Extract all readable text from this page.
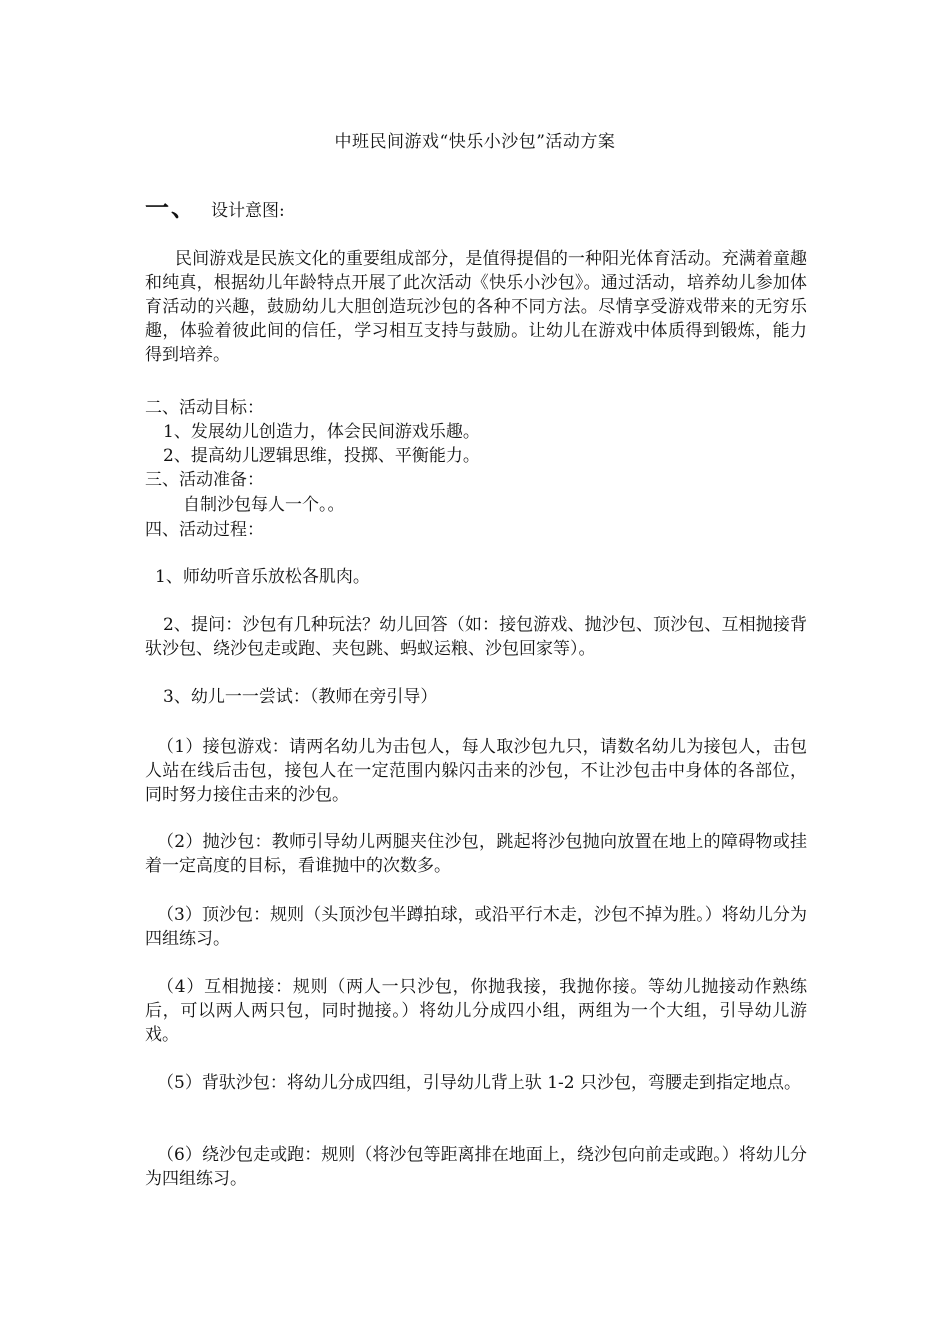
中班民间游戏“快乐小沙包”活动方案
一、 设计意图:
民间游戏是民族文化的重要组成部分，是值得提倡的一种阳光体育活动。充满着童趣和纯真，根据幼儿年龄特点开展了此次活动《快乐小沙包》。通过活动，培养幼儿参加体育活动的兴趣，鼓励幼儿大胆创造玩沙包的各种不同方法。尽情享受游戏带来的无穷乐趣，体验着彼此间的信任，学习相互支持与鼓励。让幼儿在游戏中体质得到锻炼，能力得到培养。
二、活动目标：
1、发展幼儿创造力，体会民间游戏乐趣。
2、提高幼儿逻辑思维，投掷、平衡能力。
三、活动准备：
自制沙包每人一个。。
四、活动过程：
1、师幼听音乐放松各肌肉。
2、提问：沙包有几种玩法？幼儿回答（如：接包游戏、抛沙包、顶沙包、互相抛接背驮沙包、绕沙包走或跑、夹包跳、蚂蚁运粮、沙包回家等）。
3、幼儿一一尝试：（教师在旁引导）
（1）接包游戏：请两名幼儿为击包人，每人取沙包九只，请数名幼儿为接包人，击包人站在线后击包，接包人在一定范围内躲闪击来的沙包，不让沙包击中身体的各部位，同时努力接住击来的沙包。
（2）抛沙包：教师引导幼儿两腿夹住沙包，跳起将沙包抛向放置在地上的障碍物或挂着一定高度的目标，看谁抛中的次数多。
（3）顶沙包：规则（头顶沙包半蹲拍球，或沿平行木走，沙包不掉为胜。）将幼儿分为四组练习。
（4）互相抛接：规则（两人一只沙包，你抛我接，我抛你接。等幼儿抛接动作熟练后，可以两人两只包，同时抛接。）将幼儿分成四小组，两组为一个大组，引导幼儿游戏。
（5）背驮沙包：将幼儿分成四组，引导幼儿背上驮 1-2 只沙包，弯腰走到指定地点。
（6）绕沙包走或跑：规则（将沙包等距离排在地面上，绕沙包向前走或跑。）将幼儿分为四组练习。
